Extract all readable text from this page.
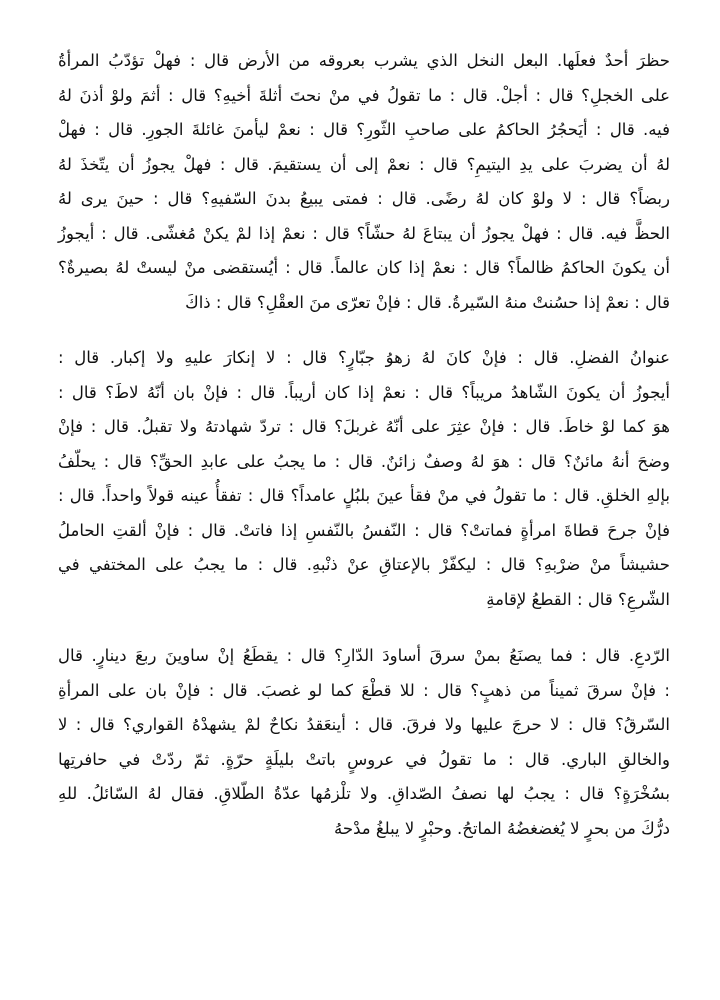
حظرَ أحدٌ فعلَها. البعل النخل الذي يشرب بعروقه من الأرض قال : فهلْ تؤدّبُ المرأةُ
على الخجلِ؟ قال : أجلْ. قال : ما تقولُ في منْ نحتَ أثلةَ أخيهِ؟ قال : أثمَ ولوْ أذنَ لهُ
فيه. قال : أيَحجُرُ الحاكمُ على صاحبِ الثّورِ؟ قال : نعمْ ليأمنَ غائلةَ الجورِ. قال : فهلْ
لهُ أن يضربَ على يدِ اليتيمِ؟ قال : نعمْ إلى أن يستقيمَ. قال : فهلْ يجوزُ أن يتّخذَ لهُ
ربضاً؟ قال : لا ولوْ كان لهُ رضًى. قال : فمتى يبيعُ بدنَ السّفيهِ؟ قال : حينَ يرى لهُ
الحظَّ فيه. قال : فهلْ يجوزُ أن يبتاعَ لهُ حشّاً؟ قال : نعمْ إذا لمْ يكنْ مُغشّى. قال : أيجوزُ
أن يكونَ الحاكمُ ظالماً؟ قال : نعمْ إذا كان عالماً. قال : أيُستقضى منْ ليستْ لهُ بصيرةٌ؟
قال : نعمْ إذا حسُنتْ منهُ السّيرةُ. قال : فإنْ تعرّى منَ العقْلِ؟ قال : ذاكَ
عنوانُ الفضلِ. قال : فإنْ كانَ لهُ زهوُ جبّارٍ؟ قال : لا إنكارَ عليهِ ولا إكبار. قال :
أيجوزُ أن يكونَ الشّاهدُ مريباً؟ قال : نعمْ إذا كان أريباً. قال : فإنْ بان أنّهُ لاطَ؟ قال :
هوَ كما لوْ خاطَ. قال : فإنْ عثِرَ على أنّهُ غربلَ؟ قال : تردّ شهادتهُ ولا تقبلُ. قال : فإنْ
وضحَ أنهُ مائنٌ؟ قال : هوَ لهُ وصفٌ زائنٌ. قال : ما يجبُ على عابدِ الحقِّ؟ قال : يحلّفُ
بإلهِ الخلقِ. قال : ما تقولُ في منْ فقأ عينَ بلبُلٍ عامداً؟ قال : تفقأُ عينه قولاً واحداً. قال :
فإنْ جرحَ قطاةَ امرأةٍ فماتتْ؟ قال : النّفسُ بالنّفسِ إذا فاتتْ. قال : فإنْ ألقتِ الحاملُ
حشيشاً منْ ضرْبهِ؟ قال : ليكفّرْ بالإعتاقِ عنْ ذنْبهِ. قال : ما يجبُ على المختفي في
الشّرعِ؟ قال : القطعُ لإقامةِ
الرّدعِ. قال : فما يصنَعُ بمنْ سرقَ أساودَ الدّارِ؟ قال : يقطَعُ إنْ ساوينَ ربعَ دينارٍ. قال
: فإنْ سرقَ ثميناً من ذهبٍ؟ قال : للا قطْعَ كما لو غصبَ. قال : فإنْ بان على المرأةِ
السّرقُ؟ قال : لا حرجَ عليها ولا فرقَ. قال : أينعَقدُ نكاحٌ لمْ يشهدْهُ القواري؟ قال : لا
والخالقِ الباري. قال : ما تقولُ في عروسٍ باتتْ بليلَةٍ حرّةٍ. ثمّ ردّتْ في حافرتِها
بسُخْرَةٍ؟ قال : يجبُ لها نصفُ الصّداقِ. ولا تلْزمُها عدّةُ الطّلاقِ. فقال لهُ السّائلُ. للهِ
درُّكَ من بحرٍ لا يُغضغضُهُ الماتحُ. وحبْرٍ لا يبلغُ مدْحهُ
